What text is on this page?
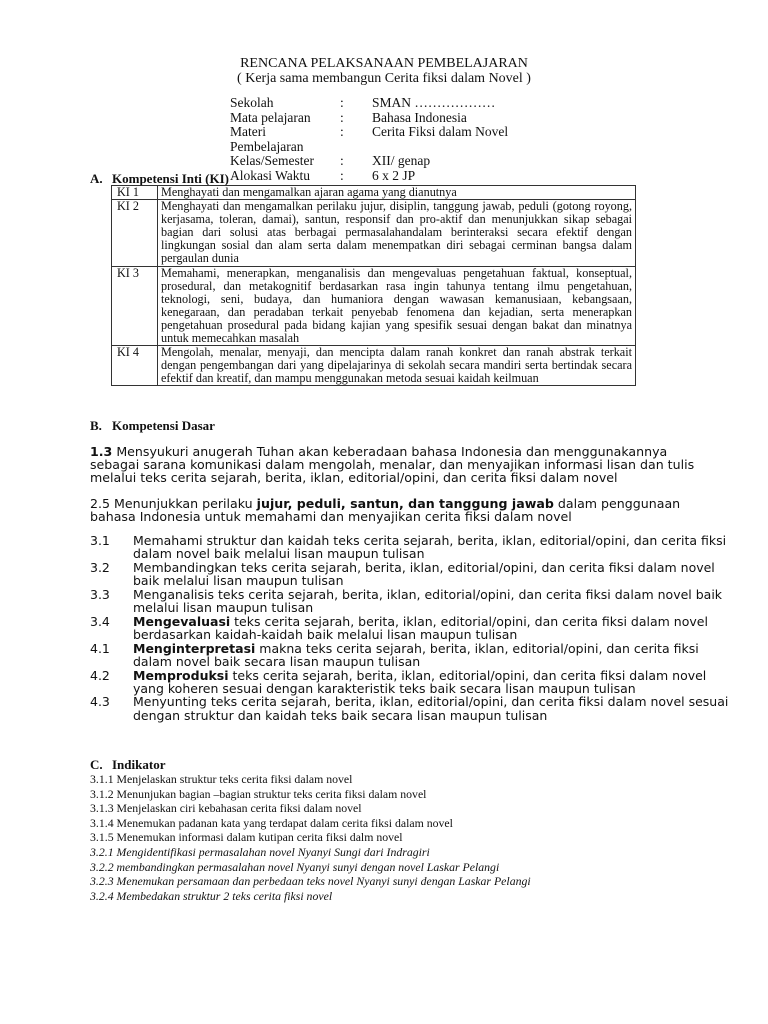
RENCANA PELAKSANAAN PEMBELAJARAN
( Kerja sama membangun Cerita fiksi dalam Novel )
Sekolah	:	SMAN ………………
Mata pelajaran	:	Bahasa Indonesia
Materi Pembelajaran
:	Cerita Fiksi dalam Novel
Kelas/Semester	:	XII/ genap
Alokasi Waktu	:	6 x 2 JP
A. Kompetensi Inti (KI)
KI 1	Menghayati dan mengamalkan ajaran agama yang dianutnya
KI 2	Menghayati dan mengamalkan perilaku jujur, disiplin, tanggung jawab, peduli (gotong royong, kerjasama, toleran, damai), santun, responsif dan pro-aktif dan menunjukkan sikap sebagai bagian dari solusi atas berbagai permasalahandalam berinteraksi secara efektif dengan lingkungan sosial dan alam serta dalam menempatkan diri sebagai cerminan bangsa dalam pergaulan dunia
KI 3	Memahami, menerapkan, menganalisis dan mengevaluas pengetahuan faktual, konseptual, prosedural, dan metakognitif berdasarkan rasa ingin tahunya tentang ilmu pengetahuan, teknologi, seni, budaya, dan humaniora dengan wawasan kemanusiaan, kebangsaan, kenegaraan, dan peradaban terkait penyebab fenomena dan kejadian, serta menerapkan pengetahuan prosedural pada bidang kajian yang spesifik sesuai dengan bakat dan minatnya untuk memecahkan masalah
KI 4	Mengolah, menalar, menyaji, dan mencipta dalam ranah konkret dan ranah abstrak terkait dengan pengembangan dari yang dipelajarinya di sekolah secara mandiri serta bertindak secara efektif dan kreatif, dan mampu menggunakan metoda sesuai kaidah keilmuan
B. Kompetensi Dasar
1.3 Mensyukuri anugerah Tuhan akan keberadaan bahasa Indonesia dan menggunakannya sebagai sarana komunikasi dalam mengolah, menalar, dan menyajikan informasi lisan dan tulis melalui teks cerita sejarah, berita, iklan, editorial/opini, dan cerita fiksi dalam novel
2.5 Menunjukkan perilaku jujur, peduli, santun, dan tanggung jawab dalam penggunaan bahasa Indonesia untuk memahami dan menyajikan cerita fiksi dalam novel
3.1	Memahami struktur dan kaidah teks cerita sejarah, berita, iklan, editorial/opini, dan cerita fiksi dalam novel baik melalui lisan maupun tulisan
3.2	Membandingkan teks cerita sejarah, berita, iklan, editorial/opini, dan cerita fiksi dalam novel baik melalui lisan maupun tulisan
3.3	Menganalisis teks cerita sejarah, berita, iklan, editorial/opini, dan cerita fiksi dalam novel baik melalui lisan maupun tulisan
3.4	Mengevaluasi teks cerita sejarah, berita, iklan, editorial/opini, dan cerita fiksi dalam novel berdasarkan kaidah-kaidah baik melalui lisan maupun tulisan
4.1	Menginterpretasi makna teks cerita sejarah, berita, iklan, editorial/opini, dan cerita fiksi dalam novel baik secara lisan maupun tulisan
4.2	Memproduksi teks cerita sejarah, berita, iklan, editorial/opini, dan cerita fiksi dalam novel yang koheren sesuai dengan karakteristik teks baik secara lisan maupun tulisan
4.3	Menyunting teks cerita sejarah, berita, iklan, editorial/opini, dan cerita fiksi dalam novel sesuai dengan struktur dan kaidah teks baik secara lisan maupun tulisan
C. Indikator
3.1.1 Menjelaskan struktur teks cerita fiksi dalam novel
3.1.2 Menunjukan bagian –bagian struktur teks cerita fiksi dalam novel
3.1.3 Menjelaskan ciri kebahasan cerita fiksi dalam novel
3.1.4 Menemukan padanan kata yang terdapat dalam cerita fiksi dalam novel
3.1.5 Menemukan informasi dalam kutipan cerita fiksi dalm novel
3.2.1 Mengidentifikasi permasalahan novel Nyanyi Sungi dari Indragiri
3.2.2 membandingkan permasalahan novel Nyanyi sunyi dengan novel Laskar Pelangi
3.2.3 Menemukan persamaan dan perbedaan teks novel Nyanyi sunyi dengan Laskar Pelangi
3.2.4 Membedakan struktur 2 teks cerita fiksi novel
